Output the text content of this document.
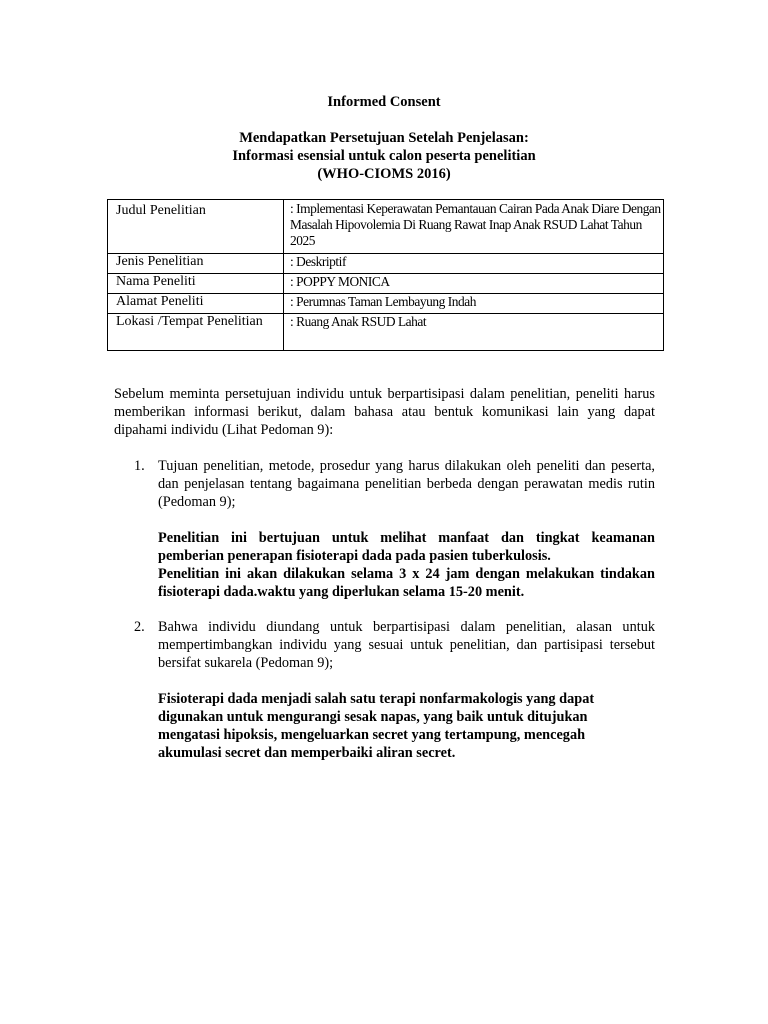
Informed Consent
Mendapatkan Persetujuan Setelah Penjelasan:
Informasi esensial untuk calon peserta penelitian
(WHO-CIOMS 2016)
Judul Penelitian	: Implementasi Keperawatan Pemantauan Cairan Pada Anak Diare Dengan Masalah Hipovolemia Di Ruang Rawat Inap Anak RSUD Lahat Tahun 2025
Jenis Penelitian	: Deskriptif
Nama Peneliti	: POPPY MONICA
Alamat Peneliti	: Perumnas Taman Lembayung Indah
Lokasi /Tempat Penelitian	: Ruang Anak RSUD Lahat
Sebelum meminta persetujuan individu untuk berpartisipasi dalam penelitian, peneliti harus memberikan informasi berikut, dalam bahasa atau bentuk komunikasi lain yang dapat dipahami individu (Lihat Pedoman 9):
1. Tujuan penelitian, metode, prosedur yang harus dilakukan oleh peneliti dan peserta, dan penjelasan tentang bagaimana penelitian berbeda dengan perawatan medis rutin (Pedoman 9);
Penelitian ini bertujuan untuk melihat manfaat dan tingkat keamanan pemberian penerapan fisioterapi dada pada pasien tuberkulosis.
Penelitian ini akan dilakukan selama 3 x 24 jam dengan melakukan tindakan fisioterapi dada.waktu yang diperlukan selama 15-20 menit.
2. Bahwa individu diundang untuk berpartisipasi dalam penelitian, alasan untuk mempertimbangkan individu yang sesuai untuk penelitian, dan partisipasi tersebut bersifat sukarela (Pedoman 9);
Fisioterapi dada menjadi salah satu terapi nonfarmakologis yang dapat digunakan untuk mengurangi sesak napas, yang baik untuk ditujukan mengatasi hipoksis, mengeluarkan secret yang tertampung, mencegah akumulasi secret dan memperbaiki aliran secret.
